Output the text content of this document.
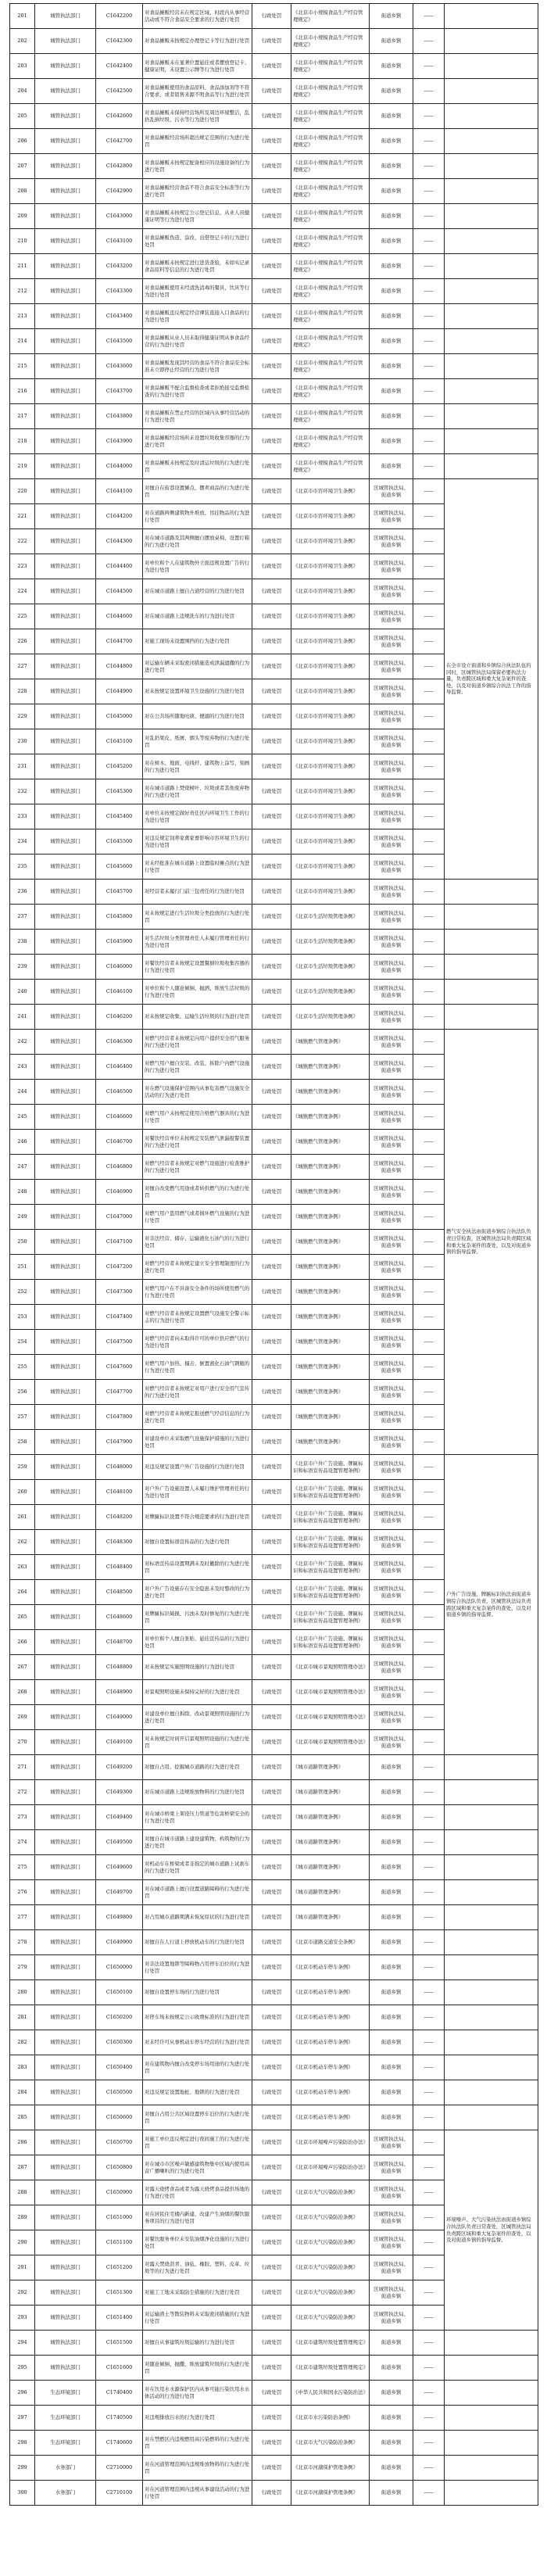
201	城管执法部门	C1642200	对食品摊贩经营未在规定区域、时段内从事经营活动或不符合食品安全要求的行为进行处罚	行政处罚	《北京市小规模食品生产经营管理规定》	街道乡镇	——	
202	城管执法部门	C1642300	对食品摊贩未按规定办理登记卡等行为进行处罚	行政处罚	《北京市小规模食品生产经营管理规定》	街道乡镇	——	
203	城管执法部门	C1642400	对食品摊贩未在显著位置悬挂或者摆放登记卡、健康证明，未设置公示牌等行为进行处罚	行政处罚	《北京市小规模食品生产经营管理规定》	街道乡镇	——	
204	城管执法部门	C1642500	对食品摊贩使用的食品原料、食品添加剂等不符合要求，或者销售来源不明食品等行为进行处罚	行政处罚	《北京市小规模食品生产经营管理规定》	街道乡镇	——	
205	城管执法部门	C1642600	对食品摊贩未保持经营场所及周边环境整洁，乱扔乱倒垃圾、污水等行为进行处罚	行政处罚	《北京市小规模食品生产经营管理规定》	街道乡镇	——	
206	城管执法部门	C1642700	对食品摊贩经营场所超出规定范围的行为进行处罚	行政处罚	《北京市小规模食品生产经营管理规定》	街道乡镇	——	
207	城管执法部门	C1642800	对食品摊贩未按规定配备相应的设施设备的行为进行处罚	行政处罚	《北京市小规模食品生产经营管理规定》	街道乡镇	——	
208	城管执法部门	C1642900	对食品摊贩经营食品不符合食品安全标准等行为进行处罚	行政处罚	《北京市小规模食品生产经营管理规定》	街道乡镇	——	
209	城管执法部门	C1643000	对食品摊贩未按规定公示登记信息、从业人员健康证明等行为进行处罚	行政处罚	《北京市小规模食品生产经营管理规定》	街道乡镇	——	
210	城管执法部门	C1643100	对食品摊贩伪造、涂改、出借登记卡的行为进行处罚	行政处罚	《北京市小规模食品生产经营管理规定》	街道乡镇	——	
211	城管执法部门	C1643200	对食品摊贩未按规定进行进货查验，未如实记录食品原料等信息的行为进行处罚	行政处罚	《北京市小规模食品生产经营管理规定》	街道乡镇	——	
212	城管执法部门	C1643300	对食品摊贩使用未经清洗消毒的餐具、饮具等行为进行处罚	行政处罚	《北京市小规模食品生产经营管理规定》	街道乡镇	——	
213	城管执法部门	C1643400	对食品摊贩违反规定经营裸装直接入口食品的行为进行处罚	行政处罚	《北京市小规模食品生产经营管理规定》	街道乡镇	——	
214	城管执法部门	C1643500	对食品摊贩从业人员未取得健康证明从事食品经营的行为进行处罚	行政处罚	《北京市小规模食品生产经营管理规定》	街道乡镇	——	
215	城管执法部门	C1643600	对食品摊贩发现其经营的食品不符合食品安全标准未立即停止经营的行为进行处罚	行政处罚	《北京市小规模食品生产经营管理规定》	街道乡镇	——	
216	城管执法部门	C1643700	对食品摊贩不配合监督检查或者拒绝接受监督检查的行为进行处罚	行政处罚	《北京市小规模食品生产经营管理规定》	街道乡镇	——	
217	城管执法部门	C1643800	对食品摊贩在禁止经营的区域内从事经营活动的行为进行处罚	行政处罚	《北京市小规模食品生产经营管理规定》	街道乡镇	——	
218	城管执法部门	C1643900	对食品摊贩经营场所未设置垃圾收集容器的行为进行处罚	行政处罚	《北京市小规模食品生产经营管理规定》	街道乡镇	——	
219	城管执法部门	C1644000	对食品摊贩未按规定及时清运垃圾的行为进行处罚	行政处罚	《北京市小规模食品生产经营管理规定》	街道乡镇	——	
220	城管执法部门	C1644100	对擅自在街巷设置摊点、摆卖商品的行为进行处罚	行政处罚	《北京市市容环境卫生条例》	区城管执法局、街道乡镇	——	在全市设立街道和乡镇综合执法队伍的同时，区城管执法局保留必要执法力量，负责跨区域和重大复杂案件的查处，以及对街道乡镇综合执法工作的指导监督。
221	城管执法部门	C1644200	对在道路两侧建筑物外堆放、吊挂物品的行为进行处罚	行政处罚	《北京市市容环境卫生条例》	区城管执法局、街道乡镇	——	
222	城管执法部门	C1644300	对在城市道路及其两侧擅自摆放桌椅、设置灯箱的行为进行处罚	行政处罚	《北京市市容环境卫生条例》	区城管执法局、街道乡镇	——	
223	城管执法部门	C1644400	对单位和个人在建筑物外立面违规设置广告的行为进行处罚	行政处罚	《北京市市容环境卫生条例》	区城管执法局、街道乡镇	——	
224	城管执法部门	C1644500	对在城市道路上擅自占道经营的行为进行处罚	行政处罚	《北京市市容环境卫生条例》	区城管执法局、街道乡镇	——	
225	城管执法部门	C1644600	对在城市道路上违规洗车的行为进行处罚	行政处罚	《北京市市容环境卫生条例》	区城管执法局、街道乡镇	——	
226	城管执法部门	C1644700	对施工现场未设置围挡的行为进行处罚	行政处罚	《北京市市容环境卫生条例》	区城管执法局、街道乡镇	——	
227	城管执法部门	C1644800	对运输车辆未采取密闭措施造成泄漏遗撒的行为进行处罚	行政处罚	《北京市市容环境卫生条例》	区城管执法局、街道乡镇	——	
228	城管执法部门	C1644900	对未按规定设置环境卫生设施的行为进行处罚	行政处罚	《北京市市容环境卫生条例》	区城管执法局、街道乡镇	——	
229	城管执法部门	C1645000	对在公共场所随地吐痰、便溺的行为进行处罚	行政处罚	《北京市市容环境卫生条例》	区城管执法局、街道乡镇	——	
230	城管执法部门	C1645100	对乱扔果皮、纸屑、烟头等废弃物的行为进行处罚	行政处罚	《北京市市容环境卫生条例》	区城管执法局、街道乡镇	——	
231	城管执法部门	C1645200	对在树木、地面、电线杆、建筑物上涂写、刻画的行为进行处罚	行政处罚	《北京市市容环境卫生条例》	区城管执法局、街道乡镇	——	
232	城管执法部门	C1645300	对在城市道路上焚烧树叶、垃圾或者其他废弃物的行为进行处罚	行政处罚	《北京市市容环境卫生条例》	区城管执法局、街道乡镇	——	
233	城管执法部门	C1645400	对单位未按规定做好责任区内环境卫生工作的行为进行处罚	行政处罚	《北京市市容环境卫生条例》	区城管执法局、街道乡镇	——	
234	城管执法部门	C1645500	对违反规定饲养家禽家畜影响市容环境卫生的行为进行处罚	行政处罚	《北京市市容环境卫生条例》	区城管执法局、街道乡镇	——	
235	城管执法部门	C1645600	对未经批准在城市道路上设置临时摊点的行为进行处罚	行政处罚	《北京市市容环境卫生条例》	区城管执法局、街道乡镇	——	
236	城管执法部门	C1645700	对经营者未履行门前三包责任的行为进行处罚	行政处罚	《北京市市容环境卫生条例》	区城管执法局、街道乡镇	——	
237	城管执法部门	C1645800	对未按规定进行生活垃圾分类投放的行为进行处罚	行政处罚	《北京市生活垃圾管理条例》	区城管执法局、街道乡镇	——	
238	城管执法部门	C1645900	对生活垃圾分类管理责任人未履行管理责任的行为进行处罚	行政处罚	《北京市生活垃圾管理条例》	区城管执法局、街道乡镇	——	
239	城管执法部门	C1646000	对餐饮经营者未按规定设置餐厨垃圾收集容器的行为进行处罚	行政处罚	《北京市生活垃圾管理条例》	区城管执法局、街道乡镇	——	
240	城管执法部门	C1646100	对单位和个人随意倾倒、抛洒、堆放生活垃圾的行为进行处罚	行政处罚	《北京市生活垃圾管理条例》	区城管执法局、街道乡镇	——	
241	城管执法部门	C1646200	对未按规定收集、运输生活垃圾的行为进行处罚	行政处罚	《北京市生活垃圾管理条例》	区城管执法局、街道乡镇	——	
242	城管执法部门	C1646300	对燃气经营者未按规定向用户提供安全用气服务的行为进行处罚	行政处罚	《城镇燃气管理条例》	区城管执法局、街道乡镇	——	燃气安全执法由街道乡镇综合执法队负责日常检查，区城管执法局负责跨区域和重大复杂案件的查处，以及对街道乡镇的指导监督。
243	城管执法部门	C1646400	对燃气用户擅自安装、改装、拆除户内燃气设施的行为进行处罚	行政处罚	《城镇燃气管理条例》	区城管执法局、街道乡镇	——	
244	城管执法部门	C1646500	对在燃气设施保护范围内从事危害燃气设施安全活动的行为进行处罚	行政处罚	《城镇燃气管理条例》	区城管执法局、街道乡镇	——	
245	城管执法部门	C1646600	对燃气用户未按规定使用合格燃气器具的行为进行处罚	行政处罚	《城镇燃气管理条例》	区城管执法局、街道乡镇	——	
246	城管执法部门	C1646700	对餐饮经营单位未按规定安装燃气泄漏报警装置的行为进行处罚	行政处罚	《城镇燃气管理条例》	区城管执法局、街道乡镇	——	
247	城管执法部门	C1646800	对燃气经营者未按规定对燃气设施进行检查维护的行为进行处罚	行政处罚	《城镇燃气管理条例》	区城管执法局、街道乡镇	——	
248	城管执法部门	C1646900	对擅自改变燃气用途或者转供燃气的行为进行处罚	行政处罚	《城镇燃气管理条例》	区城管执法局、街道乡镇	——	
249	城管执法部门	C1647000	对燃气用户盗用燃气或者损坏燃气设施的行为进行处罚	行政处罚	《城镇燃气管理条例》	区城管执法局、街道乡镇	——	
250	城管执法部门	C1647100	对非法经营、储存、运输液化石油气的行为进行处罚	行政处罚	《城镇燃气管理条例》	区城管执法局、街道乡镇	——	
251	城管执法部门	C1647200	对燃气经营者未按规定建立安全管理制度的行为进行处罚	行政处罚	《城镇燃气管理条例》	区城管执法局、街道乡镇	——	
252	城管执法部门	C1647300	对燃气用户在不具备安全条件的场所使用燃气的行为进行处罚	行政处罚	《城镇燃气管理条例》	区城管执法局、街道乡镇	——	
253	城管执法部门	C1647400	对燃气经营者未按规定设置燃气设施安全警示标志的行为进行处罚	行政处罚	《城镇燃气管理条例》	区城管执法局、街道乡镇	——	
254	城管执法部门	C1647500	对燃气经营者向未取得许可的单位供应燃气的行为进行处罚	行政处罚	《城镇燃气管理条例》	区城管执法局、街道乡镇	——	
255	城管执法部门	C1647600	对燃气用户加热、撞击、倒置液化石油气钢瓶的行为进行处罚	行政处罚	《城镇燃气管理条例》	区城管执法局、街道乡镇	——	
256	城管执法部门	C1647700	对燃气经营者未按规定对用户进行安全用气宣传的行为进行处罚	行政处罚	《城镇燃气管理条例》	区城管执法局、街道乡镇	——	
257	城管执法部门	C1647800	对燃气经营者未按规定报送燃气经营信息的行为进行处罚	行政处罚	《城镇燃气管理条例》	区城管执法局、街道乡镇	——	
258	城管执法部门	C1647900	对建设单位未采取燃气设施保护措施的行为进行处罚	行政处罚	《城镇燃气管理条例》	区城管执法局、街道乡镇	——	
259	城管执法部门	C1648000	对违反规定设置户外广告设施的行为进行处罚	行政处罚	《北京市户外广告设施、牌匾标识和标语宣传品设置管理条例》	区城管执法局、街道乡镇	——	户外广告设施、牌匾标识执法由街道乡镇综合执法队负责，区城管执法局负责跨区域和重大复杂案件的查处，以及对街道乡镇的指导监督。
260	城管执法部门	C1648100	对户外广告设施设置人未履行维护管理责任的行为进行处罚	行政处罚	《北京市户外广告设施、牌匾标识和标语宣传品设置管理条例》	区城管执法局、街道乡镇	——	
261	城管执法部门	C1648200	对牌匾标识设置不符合规范要求的行为进行处罚	行政处罚	《北京市户外广告设施、牌匾标识和标语宣传品设置管理条例》	区城管执法局、街道乡镇	——	
262	城管执法部门	C1648300	对擅自设置标语宣传品的行为进行处罚	行政处罚	《北京市户外广告设施、牌匾标识和标语宣传品设置管理条例》	区城管执法局、街道乡镇	——	
263	城管执法部门	C1648400	对标语宣传品设置期满未及时撤除的行为进行处罚	行政处罚	《北京市户外广告设施、牌匾标识和标语宣传品设置管理条例》	区城管执法局、街道乡镇	——	
264	城管执法部门	C1648500	对户外广告设施存在安全隐患未及时整改的行为进行处罚	行政处罚	《北京市户外广告设施、牌匾标识和标语宣传品设置管理条例》	区城管执法局、街道乡镇	——	
265	城管执法部门	C1648600	对牌匾标识破损、污浊未及时修复的行为进行处罚	行政处罚	《北京市户外广告设施、牌匾标识和标语宣传品设置管理条例》	区城管执法局、街道乡镇	——	
266	城管执法部门	C1648700	对单位和个人擅自张贴、悬挂宣传品的行为进行处罚	行政处罚	《北京市户外广告设施、牌匾标识和标语宣传品设置管理条例》	区城管执法局、街道乡镇	——	
267	城管执法部门	C1648800	对未按规定实施照明设施的行为进行处罚	行政处罚	《北京市城市景观照明管理办法》	区城管执法局、街道乡镇	——	
268	城管执法部门	C1648900	对景观照明设施未保持完好的行为进行处罚	行政处罚	《北京市城市景观照明管理办法》	区城管执法局、街道乡镇	——	
269	城管执法部门	C1649000	对建设单位擅自拆除、改动景观照明设施的行为进行处罚	行政处罚	《北京市城市景观照明管理办法》	区城管执法局、街道乡镇	——	
270	城管执法部门	C1649100	对未按规定时间开启景观照明设施的行为进行处罚	行政处罚	《北京市城市景观照明管理办法》	区城管执法局、街道乡镇	——	
271	城管执法部门	C1649200	对擅自占用、挖掘城市道路的行为进行处罚	行政处罚	《城市道路管理条例》	街道乡镇	——	
272	城管执法部门	C1649300	对在城市道路上违规堆放物料的行为进行处罚	行政处罚	《城市道路管理条例》	街道乡镇	——	
273	城管执法部门	C1649400	对在城市桥梁上架设压力管道等危害桥梁安全的行为进行处罚	行政处罚	《城市道路管理条例》	街道乡镇	——	
274	城管执法部门	C1649500	对擅自在城市道路上建设建筑物、构筑物的行为进行处罚	行政处罚	《城市道路管理条例》	街道乡镇	——	
275	城管执法部门	C1649600	对机动车在桥梁或者非指定的城市道路上试刹车的行为进行处罚	行政处罚	《城市道路管理条例》	街道乡镇	——	
276	城管执法部门	C1649700	对在城市道路上擅自设置道路障碍的行为进行处罚	行政处罚	《城市道路管理条例》	街道乡镇	——	
277	城管执法部门	C1649800	对占用城市道路期满未恢复原状的行为进行处罚	行政处罚	《城市道路管理条例》	街道乡镇	——	
278	城管执法部门	C1649900	对擅自在人行道上停放机动车的行为进行处罚	行政处罚	《北京市道路交通安全条例》	街道乡镇	——	
279	城管执法部门	C1650000	对非法设置地锁等障碍物占用停车泊位的行为进行处罚	行政处罚	《北京市机动车停车条例》	街道乡镇	——	
280	城管执法部门	C1650100	对擅自设置停车场的行为进行处罚	行政处罚	《北京市机动车停车条例》	街道乡镇	——	
281	城管执法部门	C1650200	对停车场未按规定公示收费标准的行为进行处罚	行政处罚	《北京市机动车停车条例》	街道乡镇	——	
282	城管执法部门	C1650300	对未经许可从事机动车停车经营的行为进行处罚	行政处罚	《北京市机动车停车条例》	街道乡镇	——	
283	城管执法部门	C1650400	对在建筑物内擅自改变停车场用途的行为进行处罚	行政处罚	《北京市机动车停车条例》	街道乡镇	——	
284	城管执法部门	C1650500	对违反规定设置地桩、地锁的行为进行处罚	行政处罚	《北京市机动车停车条例》	街道乡镇	——	
285	城管执法部门	C1650600	对擅自占用公共区域设置停车泊位的行为进行处罚	行政处罚	《北京市机动车停车条例》	街道乡镇	——	
286	城管执法部门	C1650700	对施工单位违反规定进行夜间施工的行为进行处罚	行政处罚	《北京市环境噪声污染防治办法》	区城管执法局、街道乡镇	——	环境噪声、大气污染执法由街道乡镇综合执法队负责日常查处，区城管执法局负责跨区域和重大复杂案件的查处，以及对街道乡镇的指导监督。
287	城管执法部门	C1650800	对在城市市区噪声敏感建筑物集中区域内使用高音广播喇叭的行为进行处罚	行政处罚	《北京市环境噪声污染防治办法》	区城管执法局、街道乡镇	——	
288	城管执法部门	C1650900	对露天烧烤食品或者为露天烧烤食品提供场地的行为进行处罚	行政处罚	《北京市大气污染防治条例》	区城管执法局、街道乡镇	——	
289	城管执法部门	C1651000	对在居民住宅楼内新建、改建产生油烟的餐饮服务项目的行为进行处罚	行政处罚	《北京市大气污染防治条例》	区城管执法局、街道乡镇	——	
290	城管执法部门	C1651100	对餐饮服务单位未安装油烟净化设施的行为进行处罚	行政处罚	《北京市大气污染防治条例》	区城管执法局、街道乡镇	——	
291	城管执法部门	C1651200	对露天焚烧沥青、油毡、橡胶、塑料、皮革、垃圾等的行为进行处罚	行政处罚	《北京市大气污染防治条例》	区城管执法局、街道乡镇	——	
292	城管执法部门	C1651300	对施工工地未采取防尘措施的行为进行处罚	行政处罚	《北京市大气污染防治条例》	区城管执法局、街道乡镇	——	
293	城管执法部门	C1651400	对运输渣土等散装物料未采取密闭措施的行为进行处罚	行政处罚	《北京市大气污染防治条例》	区城管执法局、街道乡镇	——	
294	城管执法部门	C1651500	对擅自从事建筑垃圾运输的行为进行处罚	行政处罚	《北京市建筑垃圾处置管理规定》	街道乡镇	——	
295	城管执法部门	C1651600	对随意倾倒、抛撒、堆放建筑垃圾的行为进行处罚	行政处罚	《北京市建筑垃圾处置管理规定》	街道乡镇	——	
296	生态环境部门	C1740400	对在饮用水水源保护区内从事可能污染饮用水水体活动的行为进行处罚	行政处罚	《中华人民共和国水污染防治法》	街道乡镇	——	
297	生态环境部门	C1740500	对违规排放污水的行为进行处罚	行政处罚	《北京市水污染防治条例》	街道乡镇	——	
298	生态环境部门	C1740600	对在禁燃区内违规燃用高污染燃料的行为进行处罚	行政处罚	《北京市大气污染防治条例》	街道乡镇	——	
299	水务部门	C2710000	对在河道管理范围内违规堆放物料的行为进行处罚	行政处罚	《北京市河湖保护管理条例》	街道乡镇	——	
300	水务部门	C2710100	对在河道管理范围内违规从事建设活动的行为进行处罚	行政处罚	《北京市河湖保护管理条例》	街道乡镇	——	
